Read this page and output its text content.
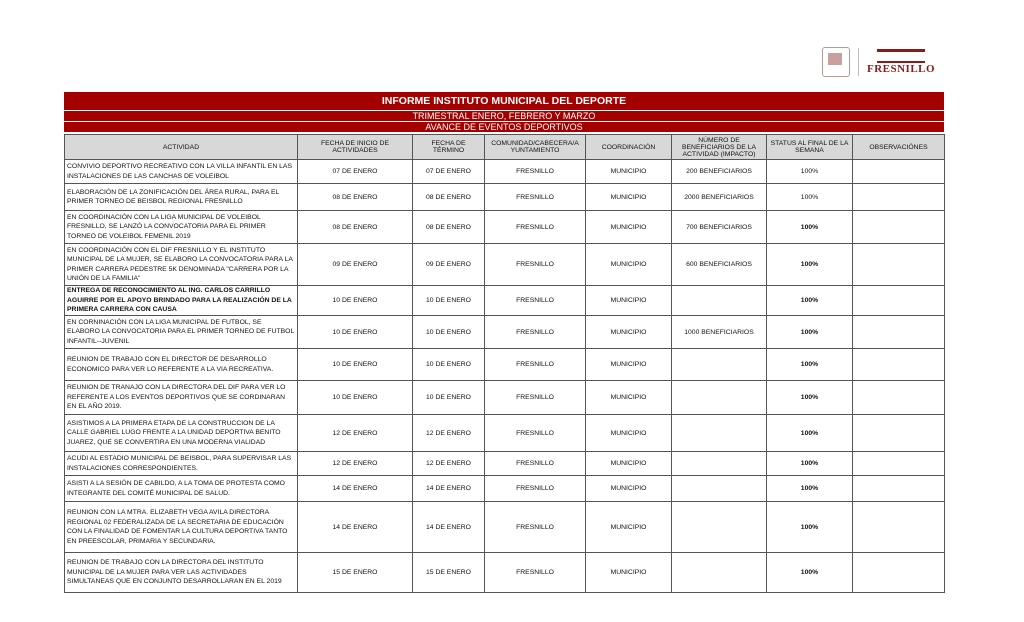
FRESNILLO
INFORME INSTITUTO MUNICIPAL DEL DEPORTE
TRIMESTRAL ENERO, FEBRERO Y MARZO
AVANCE DE EVENTOS DEPORTIVOS
ACTIVIDAD	FECHA DE INICIO DE ACTIVIDADES	FECHA DE TÉRMINO	COMUNIDAD/CABECERA/A YUNTAMIENTO	COORDINACIÓN	NÚMERO DE BENEFICIARIOS DE LA ACTIVIDAD (IMPACTO)	STATUS AL FINAL DE LA SEMANA	OBSERVACIÓNES
CONVIVIO DEPORTIVO RECREATIVO CON LA VILLA INFANTIL EN LAS INSTALACIONES DE LAS CANCHAS DE VOLEIBOL	07 DE ENERO	07 DE ENERO	FRESNILLO	MUNICIPIO	200 BENEFICIARIOS	100%	
ELABORACIÓN DE LA ZONIFICACIÓN DEL ÁREA RURAL, PARA EL PRIMER TORNEO DE BEISBOL REGIONAL FRESNILLO	08 DE ENERO	08 DE ENERO	FRESNILLO	MUNICIPIO	2000 BENEFICIARIOS	100%	
EN COORDINACIÓN CON LA LIGA MUNICIPAL DE VOLEIBOL FRESNILLO, SE LANZÓ LA CONVOCATORIA PARA EL PRIMER TORNEO DE VOLEIBOL FEMENIL 2019	08 DE ENERO	08 DE ENERO	FRESNILLO	MUNICIPIO	700 BENEFICIARIOS	100%	
EN COORDINACIÓN CON EL DIF FRESNILLO Y EL INSTITUTO MUNICIPAL DE LA MUJER, SE ELABORO LA CONVOCATORIA PARA LA PRIMER CARRERA PEDESTRE 5K DENOMINADA "CARRERA POR LA UNIÓN DE LA FAMILIA"	09 DE ENERO	09 DE ENERO	FRESNILLO	MUNICIPIO	600 BENEFICIARIOS	100%	
ENTREGA DE RECONOCIMIENTO AL ING. CARLOS CARRILLO AGUIRRE POR EL APOYO BRINDADO PARA LA REALIZACIÓN DE LA PRIMERA CARRERA CON CAUSA	10 DE ENERO	10 DE ENERO	FRESNILLO	MUNICIPIO		100%	
EN CORNINACIÓN CON LA LIGA MUNICIPAL DE FUTBOL, SE ELABORO LA CONVOCATORIA PARA EL PRIMER TORNEO DE FUTBOL INFANTIL--JUVENIL	10 DE ENERO	10 DE ENERO	FRESNILLO	MUNICIPIO	1000 BENEFICIARIOS	100%	
REUNION DE TRABAJO CON EL DIRECTOR DE DESARROLLO ECONOMICO PARA VER LO REFERENTE A LA VIA RECREATIVA.	10 DE ENERO	10 DE ENERO	FRESNILLO	MUNICIPIO		100%	
REUNION DE TRANAJO CON LA DIRECTORA DEL DIF PARA VER LO REFERENTE A LOS EVENTOS DEPORTIVOS QUE SE CORDINARAN EN EL AÑO 2019.	10 DE ENERO	10 DE ENERO	FRESNILLO	MUNICIPIO		100%	
ASISTIMOS A LA PRIMERA ETAPA DE LA CONSTRUCCION DE LA CALLE GABRIEL LUGO FRENTE A LA UNIDAD DEPORTIVA BENITO JUAREZ, QUE SE CONVERTIRA EN UNA MODERNA VIALIDAD	12 DE ENERO	12 DE ENERO	FRESNILLO	MUNICIPIO		100%	
ACUDI AL ESTADIO MUNICIPAL DE BEISBOL, PARA SUPERVISAR LAS INSTALACIONES CORRESPONDIENTES.	12 DE ENERO	12 DE ENERO	FRESNILLO	MUNICIPIO		100%	
ASISTI A LA SESIÓN DE CABILDO, A LA TOMA DE PROTESTA COMO INTEGRANTE DEL COMITÉ MUNICIPAL DE SALUD.	14 DE ENERO	14 DE ENERO	FRESNILLO	MUNICIPIO		100%	
REUNION CON LA MTRA. ELIZABETH VEGA AVILA DIRECTORA REGIONAL 02 FEDERALIZADA DE LA SECRETARIA DE EDUCACIÓN CON LA FINALIDAD DE FOMENTAR LA CULTURA DEPORTIVA TANTO EN PREESCOLAR, PRIMARIA Y SECUNDARIA.	14 DE ENERO	14 DE ENERO	FRESNILLO	MUNICIPIO		100%	
REUNION DE TRABAJO CON LA DIRECTORA DEL INSTITUTO MUNICIPAL DE LA MUJER PARA VER LAS ACTIVIDADES SIMULTANEAS QUE EN CONJUNTO DESARROLLARAN EN EL 2019	15 DE ENERO	15 DE ENERO	FRESNILLO	MUNICIPIO		100%	
